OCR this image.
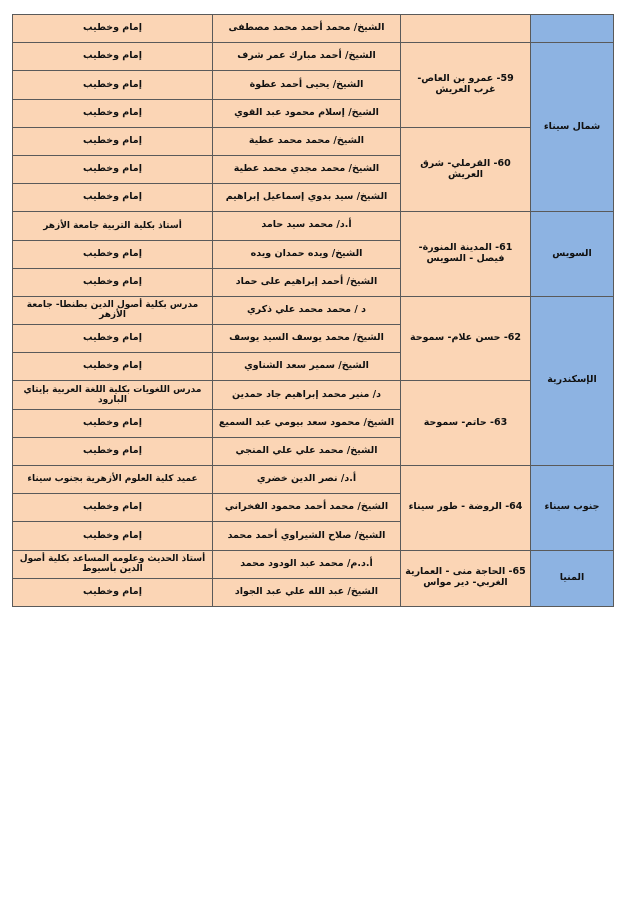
		الشيخ/ محمد أحمد محمد مصطفى	إمام وخطيب
شمال سيناء	59- عمرو بن العاص- غرب العريش	الشيخ/ أحمد مبارك عمر شرف	إمام وخطيب
		الشيخ/ يحيى أحمد عطوة	إمام وخطيب
		الشيخ/ إسلام محمود عبد القوي	إمام وخطيب
	60- القرملي- شرق العريش	الشيخ/ محمد محمد عطية	إمام وخطيب
		الشيخ/ محمد مجدي محمد عطية	إمام وخطيب
		الشيخ/ سيد بدوي إسماعيل إبراهيم	إمام وخطيب
السويس	61- المدينة المنورة- فيصل - السويس	أ.د/ محمد سيد حامد	أستاذ بكلية التربية جامعة الأزهر
		الشيخ/ ويده حمدان ويده	إمام وخطيب
		الشيخ/ أحمد إبراهيم على حماد	إمام وخطيب
الإسكندرية	62- حسن علام- سموحة	د / محمد محمد علي ذكري	مدرس بكلية أصول الدين بطنطا- جامعة الأزهر
		الشيخ/ محمد يوسف السيد يوسف	إمام وخطيب
		الشيخ/ سمير سعد الشناوي	إمام وخطيب
	63- حاتم- سموحة	د/ منير محمد إبراهيم جاد حمدين	مدرس اللغويات بكلية اللغة العربية بإيتاي البارود
		الشيخ/ محمود سعد بيومي عبد السميع	إمام وخطيب
		الشيخ/ محمد علي علي المنجي	إمام وخطيب
جنوب سيناء	64- الروضة - طور سيناء	أ.د/ نصر الدين خضري	عميد كلية العلوم الأزهرية بجنوب سيناء
		الشيخ/ محمد أحمد محمود الفخراني	إمام وخطيب
		الشيخ/ صلاح الشيراوي أحمد محمد	إمام وخطيب
المنيا	65- الحاجة منى - العمارية الغربي- دير مواس	أ.د.م/ محمد عبد الودود محمد	أستاذ الحديث وعلومه المساعد بكلية أصول الدين بأسيوط
		الشيخ/ عبد الله علي عبد الجواد	إمام وخطيب
